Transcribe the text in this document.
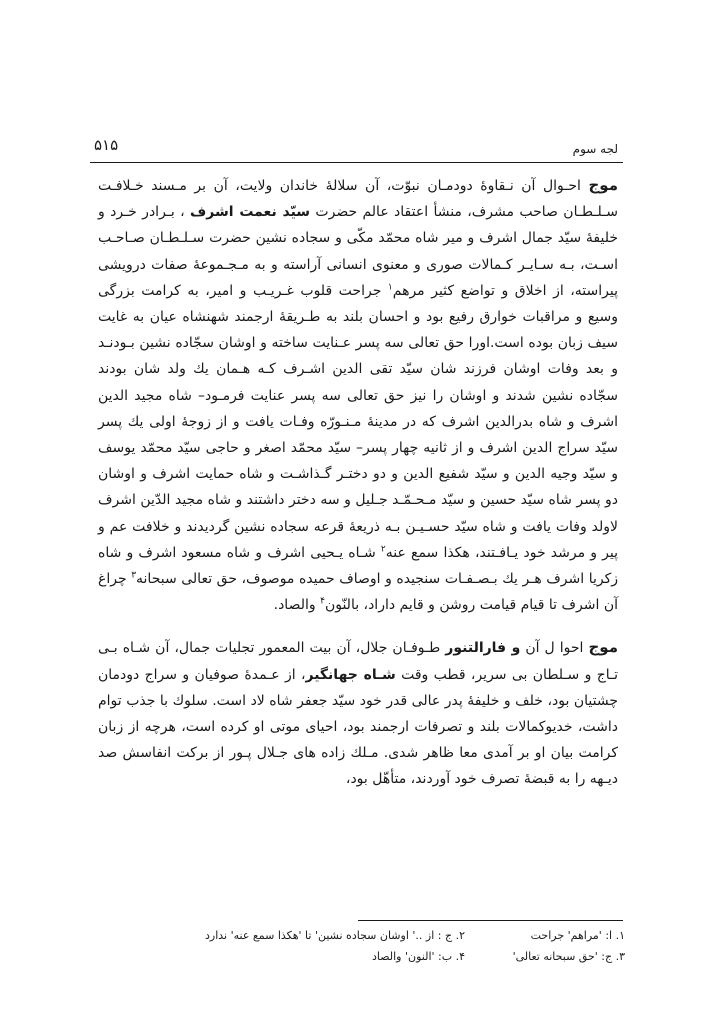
۵۱۵	لجه سوم

موج احـوال آن نـقاوهٔ دودمـان نبوّت، آن سلالهٔ خاندان ولایت، آن بر مـسند خـلافـت سـلـطـان صاحب مشرف، منشأ اعتقاد عالم حضرت سیّد نعمت اشرف ، بـرادر خـرد و خلیفهٔ سیّد جمال اشرف و میر شاه محمّد مکّی و سجاده نشین حضرت سـلـطـان صـاحـب اسـت، بـه سـایـر کـمالات صوری و معنوی انسانی آراسته و به مـجـموعهٔ صفات درویشی پیراسته، از اخلاق و تواضع کثیر مرهم$^۱$ جراحت قلوب غـریـب و امیر، به کرامت بزرگی وسیع و مراقبات خوارق رفیع بود و احسان بلند به طـریقهٔ ارجمند شهنشاه عیان به غایت سیف زبان بوده است.اورا حق تعالی سه پسر عـنایت ساخته و اوشان سجّاده نشین بـودنـد و بعد وفات اوشان فرزند شان سیّد تقی الدین اشـرف کـه هـمان یك ولد شان بودند سجّاده نشین شدند و اوشان را نیز حق تعالی سه پسر عنایت فرمـود– شاه مجید الدین اشرف و شاه بدرالدین اشرف که در مدینهٔ مـنـورّه وفـات یافت و از زوجهٔ اولی یك پسر سیّد سراج الدین اشرف و از ثانیه چهار پسر– سیّد محمّد اصغر و حاجی سیّد محمّد یوسف و سیّد وجیه الدین و سیّد شفیع الدین و دو دختـر گـذاشـت و شاه حمایت اشرف و اوشان دو پسر شاه سیّد حسین و سیّد مـحـمّـد جـلیل و سه دختر داشتند و شاه مجید الدّین اشرف لاولد وفات یافت و شاه سیّد حسـیـن بـه ذریعهٔ قرعه سجاده نشین گردیدند و خلافت عم و پیر و مرشد خود یـافـتند، هکذا سمع عنه$^۲$ شـاه یـحیی اشرف و شاه مسعود اشرف و شاه زکریا اشرف هـر یك بـصـفـات سنجیده و اوصاف حمیده موصوف، حق تعالی سبحانه$^۳$ چراغ آن اشرف تا قیام قیامت روشن و قایم داراد، بالنّون$^۴$ والصاد.

موج احوا ل آن و فارالتنور طـوفـان جلال، آن بیت المعمور تجلیات جمال، آن شـاه بـی تـاج و سـلطان بی سریر، قطب وقت شـاه جهانگیر، از عـمدهٔ صوفیان و سراج دودمان چشتیان بود، خلف و خلیفهٔ پدر عالی قدر خود سیّد جعفر شاه لاد است. سلوك با جذب توام داشت، خدیوکمالات بلند و تصرفات ارجمند بود، احیای موتی او کرده است، هرچه از زبان کرامت بیان او بر آمدی معا ظاهر شدی. مـلك زاده های جـلال پـور از برکت انفاسش صد دیـهه را به قبضهٔ تصرف خود آوردند، متأهّل بود،

۱. ا: 'مراهم' جراحت
۲. ج : از ..' اوشان سجاده نشین' تا 'هکذا سمع عنه' ندارد
۳. ج: 'حق سبحانه تعالی'
۴. ب: 'النون' والصاد
